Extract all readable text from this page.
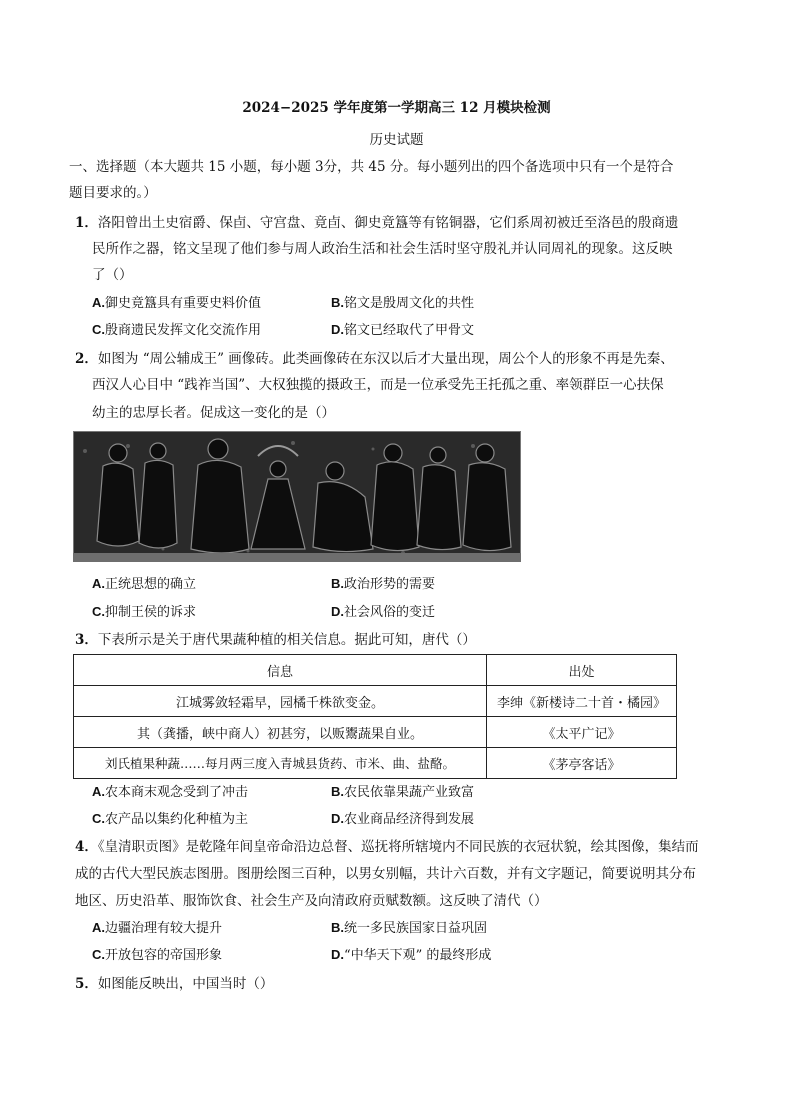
2024−2025 学年度第一学期高三 12 月模块检测
历史试题
一、选择题（本大题共 15 小题，每小题 3分，共 45 分。每小题列出的四个备选项中只有一个是符合
题目要求的。）
1．洛阳曾出土史宿爵、保卣、守宫盘、竟卣、御史竟簋等有铭铜器，它们系周初被迁至洛邑的殷商遗
民所作之器，铭文呈现了他们参与周人政治生活和社会生活时坚守殷礼并认同周礼的现象。这反映
了（）
A.御史竟簋具有重要史料价值	B.铭文是殷周文化的共性
C.殷商遗民发挥文化交流作用	D.铭文已经取代了甲骨文
2．如图为 “周公辅成王” 画像砖。此类画像砖在东汉以后才大量出现，周公个人的形象不再是先秦、
西汉人心目中 “践祚当国”、大权独揽的摄政王，而是一位承受先王托孤之重、率领群臣一心扶保
幼主的忠厚长者。促成这一变化的是（）
A.正统思想的确立	B.政治形势的需要
C.抑制王侯的诉求	D.社会风俗的变迁
3．下表所示是关于唐代果蔬种植的相关信息。据此可知，唐代（）
信息	出处
江城雾敛轻霜早，园橘千株欲变金。	李绅《新楼诗二十首・橘园》
其（龚播，峡中商人）初甚穷，以贩鬻蔬果自业。	《太平广记》
刘氏植果种蔬……每月两三度入青城县货药、市米、曲、盐酪。	《茅亭客话》
A.农本商末观念受到了冲击	B.农民依靠果蔬产业致富
C.农产品以集约化种植为主	D.农业商品经济得到发展
4．《皇清职贡图》是乾隆年间皇帝命沿边总督、巡抚将所辖境内不同民族的衣冠状貌，绘其图像，集结而
成的古代大型民族志图册。图册绘图三百种，以男女别幅，共计六百数，并有文字题记，简要说明其分布
地区、历史沿革、服饰饮食、社会生产及向清政府贡赋数额。这反映了清代（）
A.边疆治理有较大提升	B.统一多民族国家日益巩固
C.开放包容的帝国形象	D.“中华天下观” 的最终形成
5．如图能反映出，中国当时（）
